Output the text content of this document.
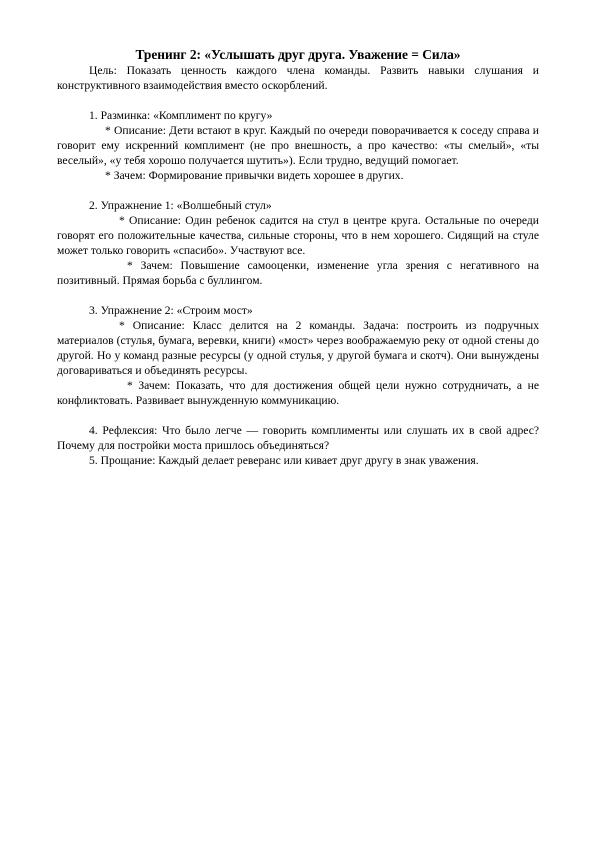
Тренинг 2: «Услышать друг друга. Уважение = Сила»

Цель: Показать ценность каждого члена команды. Развить навыки слушания и конструктивного взаимодействия вместо оскорблений.

1. Разминка: «Комплимент по кругу»

* Описание: Дети встают в круг. Каждый по очереди поворачивается к соседу справа и говорит ему искренний комплимент (не про внешность, а про качество: «ты смелый», «ты веселый», «у тебя хорошо получается шутить»). Если трудно, ведущий помогает.

* Зачем: Формирование привычки видеть хорошее в других.

2. Упражнение 1: «Волшебный стул»

* Описание: Один ребенок садится на стул в центре круга. Остальные по очереди говорят его положительные качества, сильные стороны, что в нем хорошего. Сидящий на стуле может только говорить «спасибо». Участвуют все.

* Зачем: Повышение самооценки, изменение угла зрения с негативного на позитивный. Прямая борьба с буллингом.

3. Упражнение 2: «Строим мост»

* Описание: Класс делится на 2 команды. Задача: построить из подручных материалов (стулья, бумага, веревки, книги) «мост» через воображаемую реку от одной стены до другой. Но у команд разные ресурсы (у одной стулья, у другой бумага и скотч). Они вынуждены договариваться и объединять ресурсы.

* Зачем: Показать, что для достижения общей цели нужно сотрудничать, а не конфликтовать. Развивает вынужденную коммуникацию.

4. Рефлексия: Что было легче — говорить комплименты или слушать их в свой адрес? Почему для постройки моста пришлось объединяться?

5. Прощание: Каждый делает реверанс или кивает друг другу в знак уважения.
